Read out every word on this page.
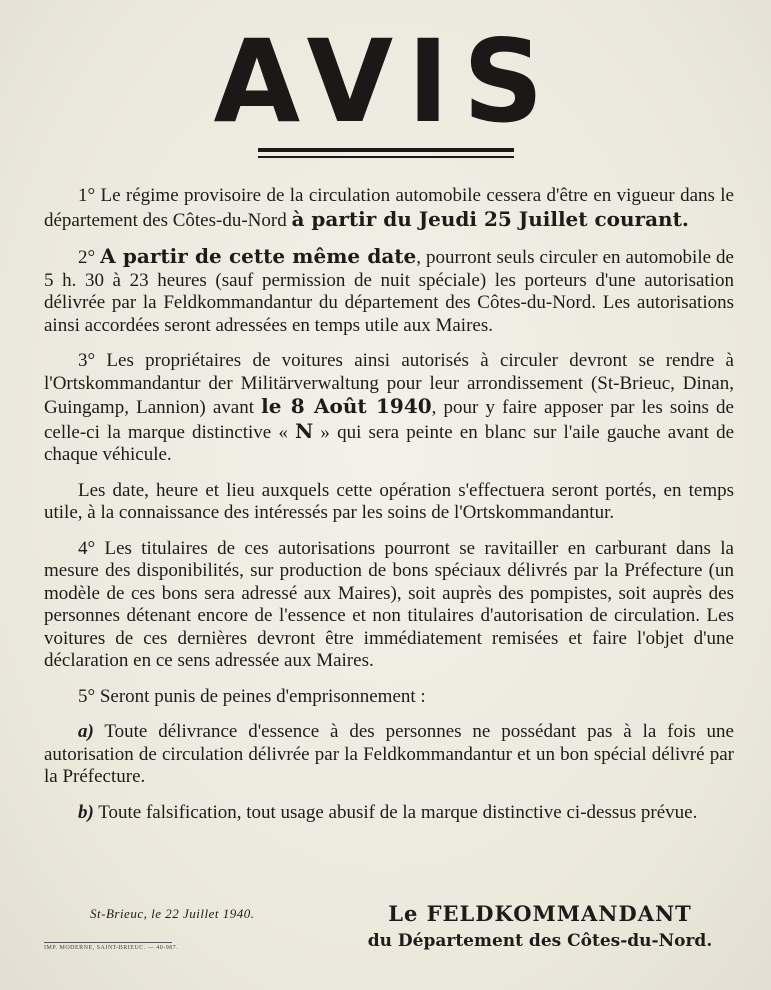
AVIS

1° Le régime provisoire de la circulation automobile cessera d'être en vigueur dans le département des Côtes-du-Nord à partir du Jeudi 25 Juillet courant.

2° A partir de cette même date, pourront seuls circuler en automobile de 5 h. 30 à 23 heures (sauf permission de nuit spéciale) les porteurs d'une autorisation délivrée par la Feldkommandantur du département des Côtes-du-Nord. Les autorisations ainsi accordées seront adressées en temps utile aux Maires.

3° Les propriétaires de voitures ainsi autorisés à circuler devront se rendre à l'Ortskommandantur der Militärverwaltung pour leur arrondissement (St-Brieuc, Dinan, Guingamp, Lannion) avant le 8 Août 1940, pour y faire apposer par les soins de celle-ci la marque distinctive « N » qui sera peinte en blanc sur l'aile gauche avant de chaque véhicule.

Les date, heure et lieu auxquels cette opération s'effectuera seront portés, en temps utile, à la connaissance des intéressés par les soins de l'Ortskommandantur.

4° Les titulaires de ces autorisations pourront se ravitailler en carburant dans la mesure des disponibilités, sur production de bons spéciaux délivrés par la Préfecture (un modèle de ces bons sera adressé aux Maires), soit auprès des pompistes, soit auprès des personnes détenant encore de l'essence et non titulaires d'autorisation de circulation. Les voitures de ces dernières devront être immédiatement remisées et faire l'objet d'une déclaration en ce sens adressée aux Maires.

5° Seront punis de peines d'emprisonnement :

a) Toute délivrance d'essence à des personnes ne possédant pas à la fois une autorisation de circulation délivrée par la Feldkommandantur et un bon spécial délivré par la Préfecture.

b) Toute falsification, tout usage abusif de la marque distinctive ci-dessus prévue.

St-Brieuc, le 22 Juillet 1940.	Le FELDKOMMANDANT
du Département des Côtes-du-Nord.
IMP. MODERNE, SAINT-BRIEUC. — 40-987.
